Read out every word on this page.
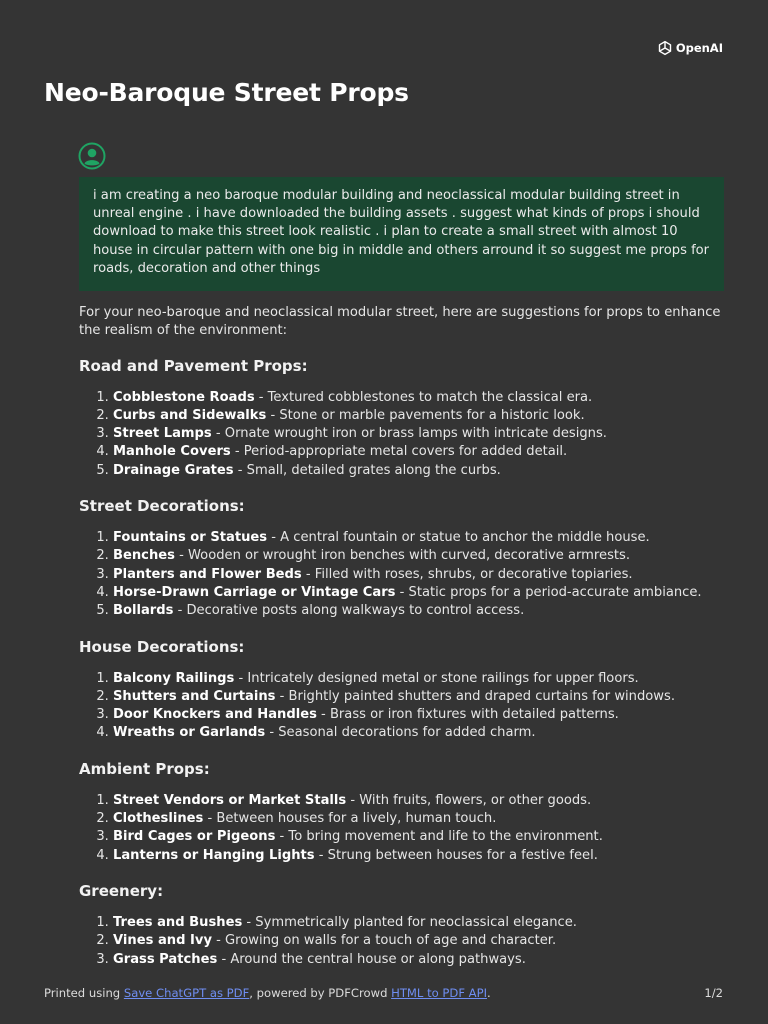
OpenAI
Neo-Baroque Street Props
i am creating a neo baroque modular building and neoclassical modular building street in unreal engine . i have downloaded the building assets . suggest what kinds of props i should download to make this street look realistic . i plan to create a small street with almost 10 house in circular pattern with one big in middle and others arround it so suggest me props for roads, decoration and other things

For your neo-baroque and neoclassical modular street, here are suggestions for props to enhance the realism of the environment:

Road and Pavement Props:
1. Cobblestone Roads - Textured cobblestones to match the classical era.
2. Curbs and Sidewalks - Stone or marble pavements for a historic look.
3. Street Lamps - Ornate wrought iron or brass lamps with intricate designs.
4. Manhole Covers - Period-appropriate metal covers for added detail.
5. Drainage Grates - Small, detailed grates along the curbs.
Street Decorations:
1. Fountains or Statues - A central fountain or statue to anchor the middle house.
2. Benches - Wooden or wrought iron benches with curved, decorative armrests.
3. Planters and Flower Beds - Filled with roses, shrubs, or decorative topiaries.
4. Horse-Drawn Carriage or Vintage Cars - Static props for a period-accurate ambiance.
5. Bollards - Decorative posts along walkways to control access.
House Decorations:
1. Balcony Railings - Intricately designed metal or stone railings for upper floors.
2. Shutters and Curtains - Brightly painted shutters and draped curtains for windows.
3. Door Knockers and Handles - Brass or iron fixtures with detailed patterns.
4. Wreaths or Garlands - Seasonal decorations for added charm.
Ambient Props:
1. Street Vendors or Market Stalls - With fruits, flowers, or other goods.
2. Clotheslines - Between houses for a lively, human touch.
3. Bird Cages or Pigeons - To bring movement and life to the environment.
4. Lanterns or Hanging Lights - Strung between houses for a festive feel.
Greenery:
1. Trees and Bushes - Symmetrically planted for neoclassical elegance.
2. Vines and Ivy - Growing on walls for a touch of age and character.
3. Grass Patches - Around the central house or along pathways.
Printed using Save ChatGPT as PDF, powered by PDFCrowd HTML to PDF API.	1/2
